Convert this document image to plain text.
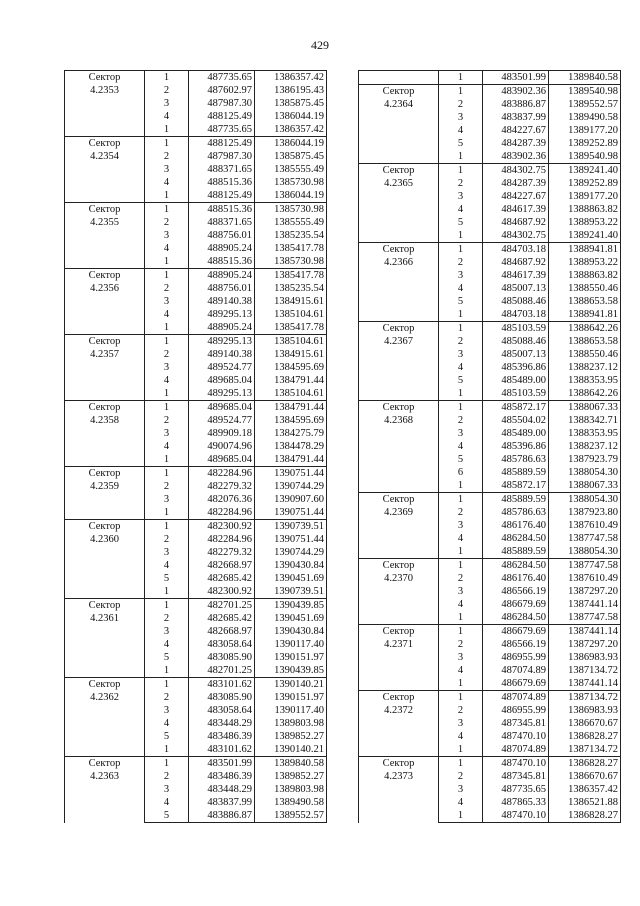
429
Сектор
4.2353	1	487735.65	1386357.42
	2	487602.97	1386195.43
	3	487987.30	1385875.45
	4	488125.49	1386044.19
	1	487735.65	1386357.42

Сектор
4.2354	1	488125.49	1386044.19
	2	487987.30	1385875.45
	3	488371.65	1385555.49
	4	488515.36	1385730.98
	1	488125.49	1386044.19

Сектор
4.2355	1	488515.36	1385730.98
	2	488371.65	1385555.49
	3	488756.01	1385235.54
	4	488905.24	1385417.78
	1	488515.36	1385730.98

Сектор
4.2356	1	488905.24	1385417.78
	2	488756.01	1385235.54
	3	489140.38	1384915.61
	4	489295.13	1385104.61
	1	488905.24	1385417.78

Сектор
4.2357	1	489295.13	1385104.61
	2	489140.38	1384915.61
	3	489524.77	1384595.69
	4	489685.04	1384791.44
	1	489295.13	1385104.61

Сектор
4.2358	1	489685.04	1384791.44
	2	489524.77	1384595.69
	3	489909.18	1384275.79
	4	490074.96	1384478.29
	1	489685.04	1384791.44

Сектор
4.2359	1	482284.96	1390751.44
	2	482279.32	1390744.29
	3	482076.36	1390907.60
	1	482284.96	1390751.44

Сектор
4.2360	1	482300.92	1390739.51
	2	482284.96	1390751.44
	3	482279.32	1390744.29
	4	482668.97	1390430.84
	5	482685.42	1390451.69
	1	482300.92	1390739.51

Сектор
4.2361	1	482701.25	1390439.85
	2	482685.42	1390451.69
	3	482668.97	1390430.84
	4	483058.64	1390117.40
	5	483085.90	1390151.97
	1	482701.25	1390439.85

Сектор
4.2362	1	483101.62	1390140.21
	2	483085.90	1390151.97
	3	483058.64	1390117.40
	4	483448.29	1389803.98
	5	483486.39	1389852.27
	1	483101.62	1390140.21

Сектор
4.2363	1	483501.99	1389840.58
	2	483486.39	1389852.27
	3	483448.29	1389803.98
	4	483837.99	1389490.58
	5	483886.87	1389552.57
	1	483501.99	1389840.58

Сектор
4.2364	1	483902.36	1389540.98
	2	483886.87	1389552.57
	3	483837.99	1389490.58
	4	484227.67	1389177.20
	5	484287.39	1389252.89
	1	483902.36	1389540.98

Сектор
4.2365	1	484302.75	1389241.40
	2	484287.39	1389252.89
	3	484227.67	1389177.20
	4	484617.39	1388863.82
	5	484687.92	1388953.22
	1	484302.75	1389241.40

Сектор
4.2366	1	484703.18	1388941.81
	2	484687.92	1388953.22
	3	484617.39	1388863.82
	4	485007.13	1388550.46
	5	485088.46	1388653.58
	1	484703.18	1388941.81

Сектор
4.2367	1	485103.59	1388642.26
	2	485088.46	1388653.58
	3	485007.13	1388550.46
	4	485396.86	1388237.12
	5	485489.00	1388353.95
	1	485103.59	1388642.26

Сектор
4.2368	1	485872.17	1388067.33
	2	485504.02	1388342.71
	3	485489.00	1388353.95
	4	485396.86	1388237.12
	5	485786.63	1387923.79
	6	485889.59	1388054.30
	1	485872.17	1388067.33

Сектор
4.2369	1	485889.59	1388054.30
	2	485786.63	1387923.80
	3	486176.40	1387610.49
	4	486284.50	1387747.58
	1	485889.59	1388054.30

Сектор
4.2370	1	486284.50	1387747.58
	2	486176.40	1387610.49
	3	486566.19	1387297.20
	4	486679.69	1387441.14
	1	486284.50	1387747.58

Сектор
4.2371	1	486679.69	1387441.14
	2	486566.19	1387297.20
	3	486955.99	1386983.93
	4	487074.89	1387134.72
	1	486679.69	1387441.14

Сектор
4.2372	1	487074.89	1387134.72
	2	486955.99	1386983.93
	3	487345.81	1386670.67
	4	487470.10	1386828.27
	1	487074.89	1387134.72

Сектор
4.2373	1	487470.10	1386828.27
	2	487345.81	1386670.67
	3	487735.65	1386357.42
	4	487865.33	1386521.88
	1	487470.10	1386828.27
